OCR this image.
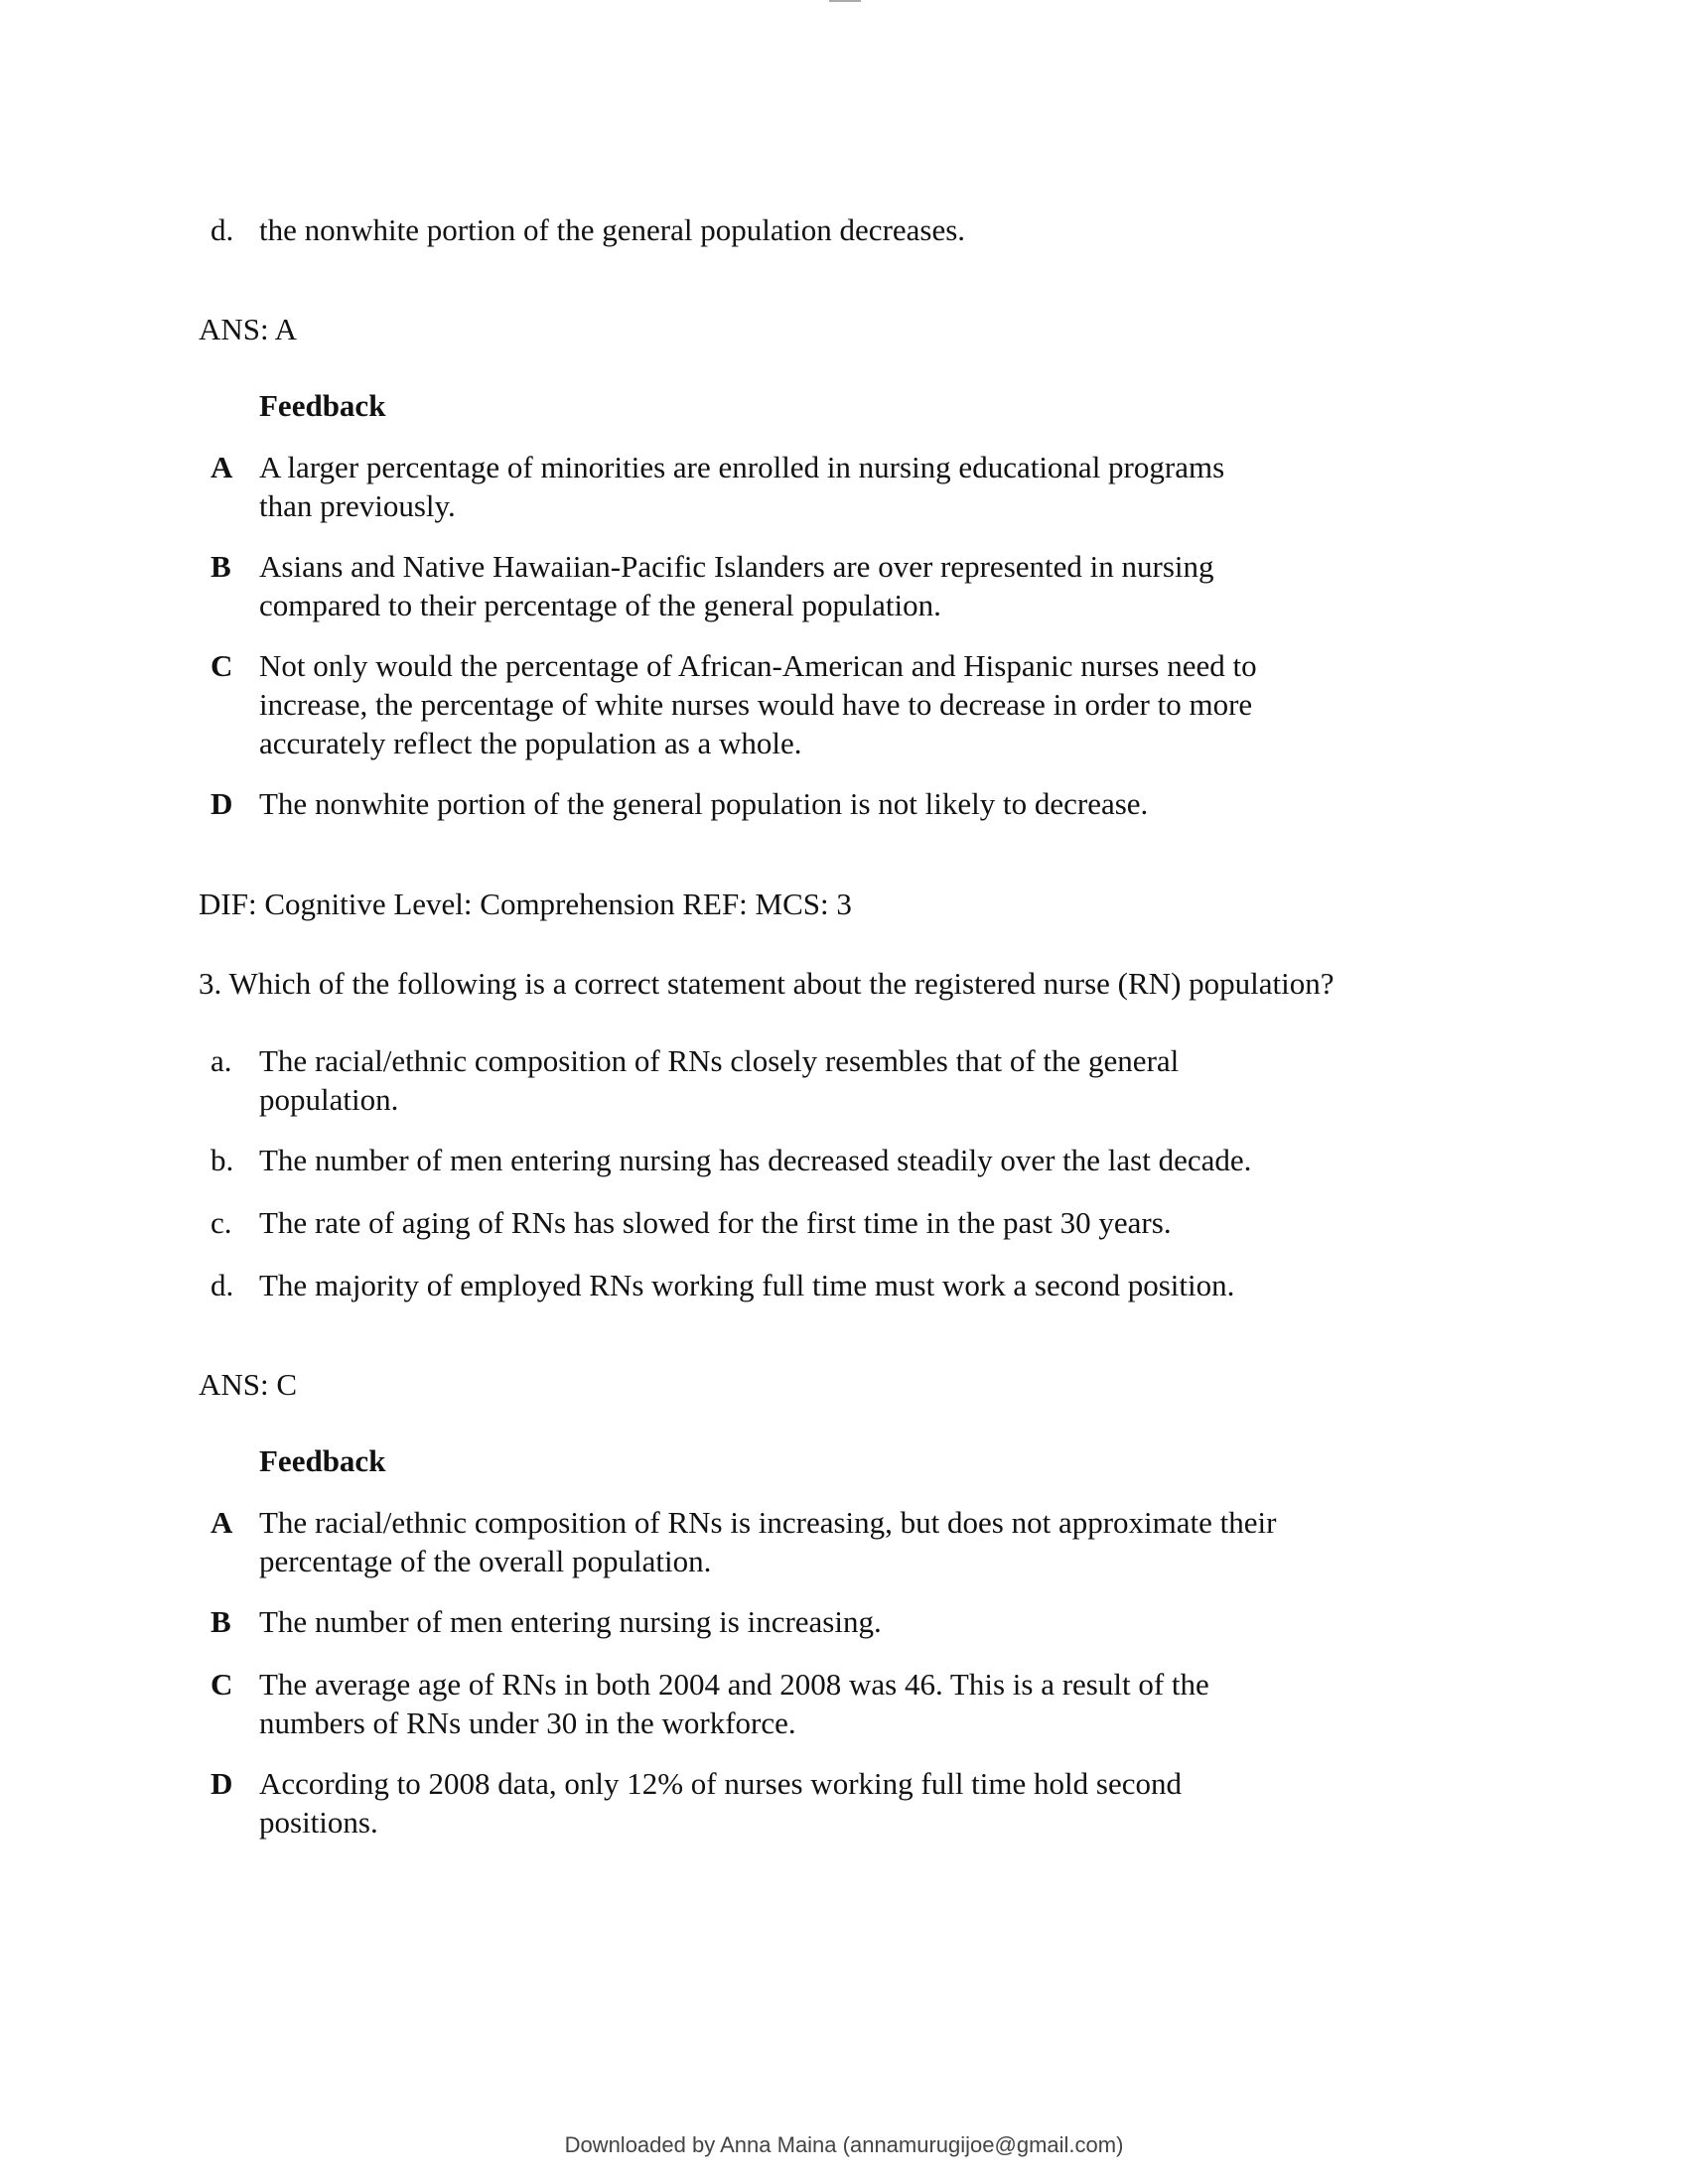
d. the nonwhite portion of the general population decreases.
ANS: A
Feedback
A A larger percentage of minorities are enrolled in nursing educational programs than previously.
B Asians and Native Hawaiian-Pacific Islanders are over represented in nursing compared to their percentage of the general population.
C Not only would the percentage of African-American and Hispanic nurses need to increase, the percentage of white nurses would have to decrease in order to more accurately reflect the population as a whole.
D The nonwhite portion of the general population is not likely to decrease.
DIF: Cognitive Level: Comprehension REF: MCS: 3
3. Which of the following is a correct statement about the registered nurse (RN) population?
a. The racial/ethnic composition of RNs closely resembles that of the general population.
b. The number of men entering nursing has decreased steadily over the last decade.
c. The rate of aging of RNs has slowed for the first time in the past 30 years.
d. The majority of employed RNs working full time must work a second position.
ANS: C
Feedback
A The racial/ethnic composition of RNs is increasing, but does not approximate their percentage of the overall population.
B The number of men entering nursing is increasing.
C The average age of RNs in both 2004 and 2008 was 46. This is a result of the numbers of RNs under 30 in the workforce.
D According to 2008 data, only 12% of nurses working full time hold second positions.
Downloaded by Anna Maina (annamurugijoe@gmail.com)
